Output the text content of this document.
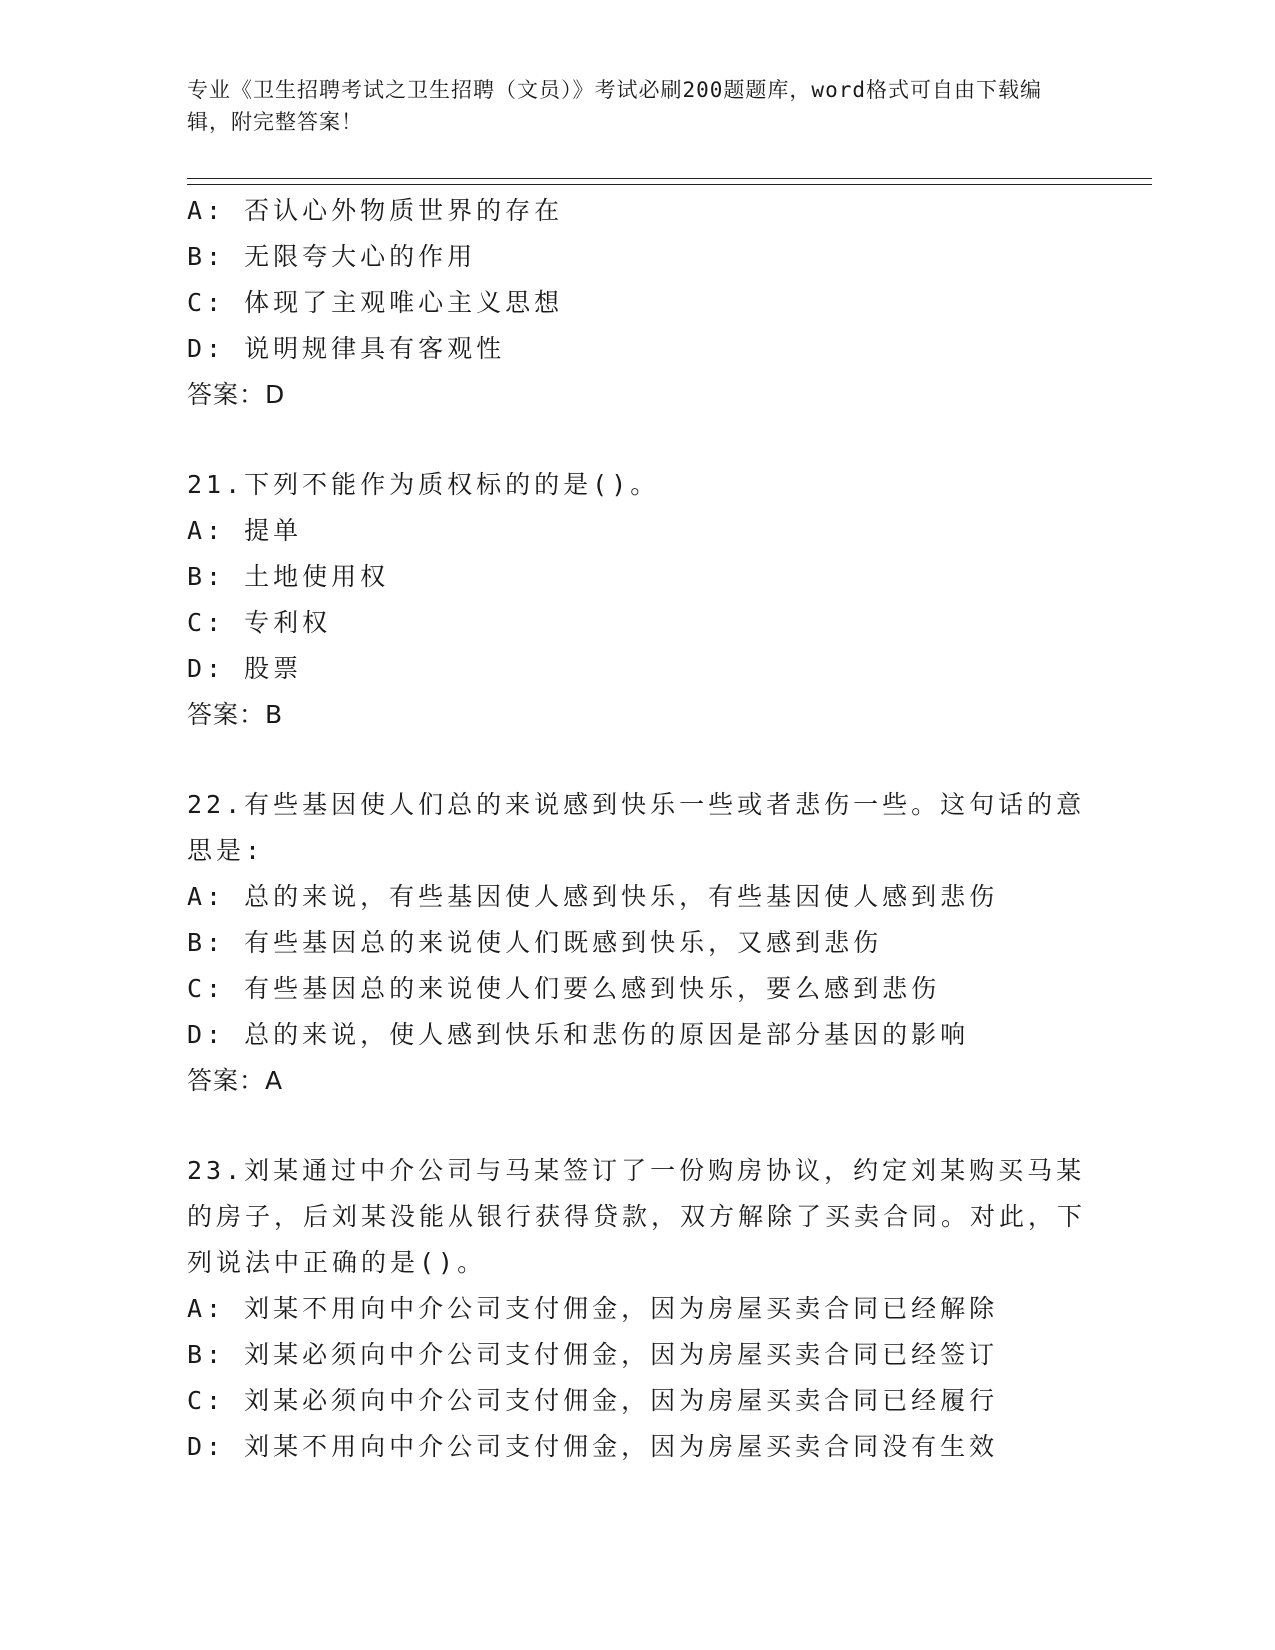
专业《卫生招聘考试之卫生招聘（文员）》考试必刷200题题库，word格式可自由下载编辑，附完整答案！
A: 否认心外物质世界的存在
B: 无限夸大心的作用
C: 体现了主观唯心主义思想
D: 说明规律具有客观性
答案：D
21.下列不能作为质权标的的是()。
A: 提单
B: 土地使用权
C: 专利权
D: 股票
答案：B
22.有些基因使人们总的来说感到快乐一些或者悲伤一些。这句话的意思是:
A: 总的来说，有些基因使人感到快乐，有些基因使人感到悲伤
B: 有些基因总的来说使人们既感到快乐，又感到悲伤
C: 有些基因总的来说使人们要么感到快乐，要么感到悲伤
D: 总的来说，使人感到快乐和悲伤的原因是部分基因的影响
答案：A
23.刘某通过中介公司与马某签订了一份购房协议，约定刘某购买马某的房子，后刘某没能从银行获得贷款，双方解除了买卖合同。对此，下列说法中正确的是()。
A: 刘某不用向中介公司支付佣金，因为房屋买卖合同已经解除
B: 刘某必须向中介公司支付佣金，因为房屋买卖合同已经签订
C: 刘某必须向中介公司支付佣金，因为房屋买卖合同已经履行
D: 刘某不用向中介公司支付佣金，因为房屋买卖合同没有生效
